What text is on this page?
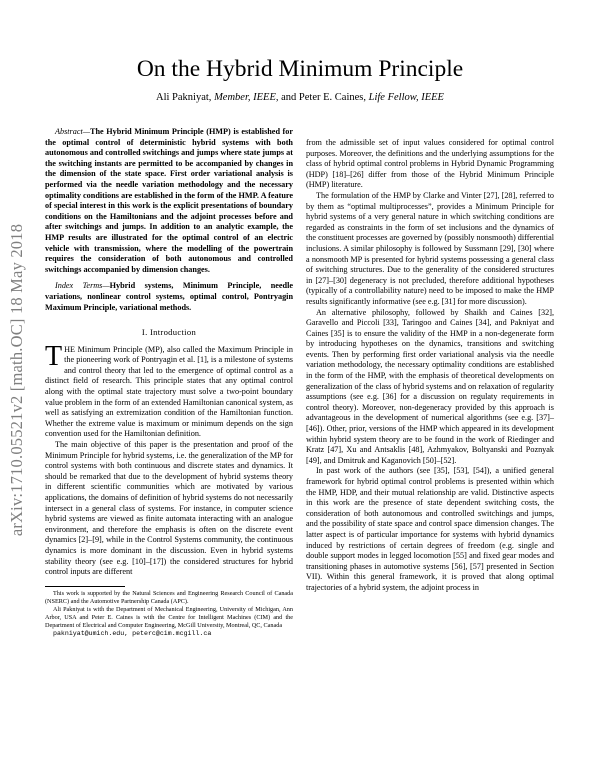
arXiv:1710.05521v2 [math.OC] 18 May 2018
On the Hybrid Minimum Principle
Ali Pakniyat, Member, IEEE, and Peter E. Caines, Life Fellow, IEEE

Abstract—The Hybrid Minimum Principle (HMP) is established for the optimal control of deterministic hybrid systems with both autonomous and controlled switchings and jumps where state jumps at the switching instants are permitted to be accompanied by changes in the dimension of the state space. First order variational analysis is performed via the needle variation methodology and the necessary optimality conditions are established in the form of the HMP. A feature of special interest in this work is the explicit presentations of boundary conditions on the Hamiltonians and the adjoint processes before and after switchings and jumps. In addition to an analytic example, the HMP results are illustrated for the optimal control of an electric vehicle with transmission, where the modelling of the powertrain requires the consideration of both autonomous and controlled switchings accompanied by dimension changes.

Index Terms—Hybrid systems, Minimum Principle, needle variations, nonlinear control systems, optimal control, Pontryagin Maximum Principle, variational methods.

I. Introduction

THE Minimum Principle (MP), also called the Maximum Principle in the pioneering work of Pontryagin et al. [1], is a milestone of systems and control theory that led to the emergence of optimal control as a distinct field of research. This principle states that any optimal control along with the optimal state trajectory must solve a two-point boundary value problem in the form of an extended Hamiltonian canonical system, as well as satisfying an extremization condition of the Hamiltonian function. Whether the extreme value is maximum or minimum depends on the sign convention used for the Hamiltonian definition.

The main objective of this paper is the presentation and proof of the Minimum Principle for hybrid systems, i.e. the generalization of the MP for control systems with both continuous and discrete states and dynamics. It should be remarked that due to the development of hybrid systems theory in different scientific communities which are motivated by various applications, the domains of definition of hybrid systems do not necessarily intersect in a general class of systems. For instance, in computer science hybrid systems are viewed as finite automata interacting with an analogue environment, and therefore the emphasis is often on the discrete event dynamics [2]–[9], while in the Control Systems community, the continuous dynamics is more dominant in the discussion. Even in hybrid systems stability theory (see e.g. [10]–[17]) the considered structures for hybrid control inputs are different

This work is supported by the Natural Sciences and Engineering Research Council of Canada (NSERC) and the Automotive Partnership Canada (APC).

Ali Pakniyat is with the Department of Mechanical Engineering, University of Michigan, Ann Arbor, USA and Peter E. Caines is with the Centre for Intelligent Machines (CIM) and the Department of Electrical and Computer Engineering, McGill University, Montreal, QC, Canada

pakniyat@umich.edu, peterc@cim.mcgill.ca

from the admissible set of input values considered for optimal control purposes. Moreover, the definitions and the underlying assumptions for the class of hybrid optimal control problems in Hybrid Dynamic Programming (HDP) [18]–[26] differ from those of the Hybrid Minimum Principle (HMP) literature.

The formulation of the HMP by Clarke and Vinter [27], [28], referred to by them as “optimal multiprocesses”, provides a Minimum Principle for hybrid systems of a very general nature in which switching conditions are regarded as constraints in the form of set inclusions and the dynamics of the constituent processes are governed by (possibly nonsmooth) differential inclusions. A similar philosophy is followed by Sussmann [29], [30] where a nonsmooth MP is presented for hybrid systems possessing a general class of switching structures. Due to the generality of the considered structures in [27]–[30] degeneracy is not precluded, therefore additional hypotheses (typically of a controllability nature) need to be imposed to make the HMP results significantly informative (see e.g. [31] for more discussion).

An alternative philosophy, followed by Shaikh and Caines [32], Garavello and Piccoli [33], Taringoo and Caines [34], and Pakniyat and Caines [35] is to ensure the validity of the HMP in a non-degenerate form by introducing hypotheses on the dynamics, transitions and switching events. Then by performing first order variational analysis via the needle variation methodology, the necessary optimality conditions are established in the form of the HMP, with the emphasis of theoretical developments on generalization of the class of hybrid systems and on relaxation of regularity assumptions (see e.g. [36] for a discussion on regulaty requirements in control theory). Moreover, non-degeneracy provided by this approach is advantageous in the development of numerical algorithms (see e.g. [37]–[46]). Other, prior, versions of the HMP which appeared in its development within hybrid system theory are to be found in the work of Riedinger and Kratz [47], Xu and Antsaklis [48], Azhmyakov, Boltyanski and Poznyak [49], and Dmitruk and Kaganovich [50]–[52].

In past work of the authors (see [35], [53], [54]), a unified general framework for hybrid optimal control problems is presented within which the HMP, HDP, and their mutual relationship are valid. Distinctive aspects in this work are the presence of state dependent switching costs, the consideration of both autonomous and controlled switchings and jumps, and the possibility of state space and control space dimension changes. The latter aspect is of particular importance for systems with hybrid dynamics induced by restrictions of certain degrees of freedom (e.g. single and double support modes in legged locomotion [55] and fixed gear modes and transitioning phases in automotive systems [56], [57] presented in Section VII). Within this general framework, it is proved that along optimal trajectories of a hybrid system, the adjoint process in
